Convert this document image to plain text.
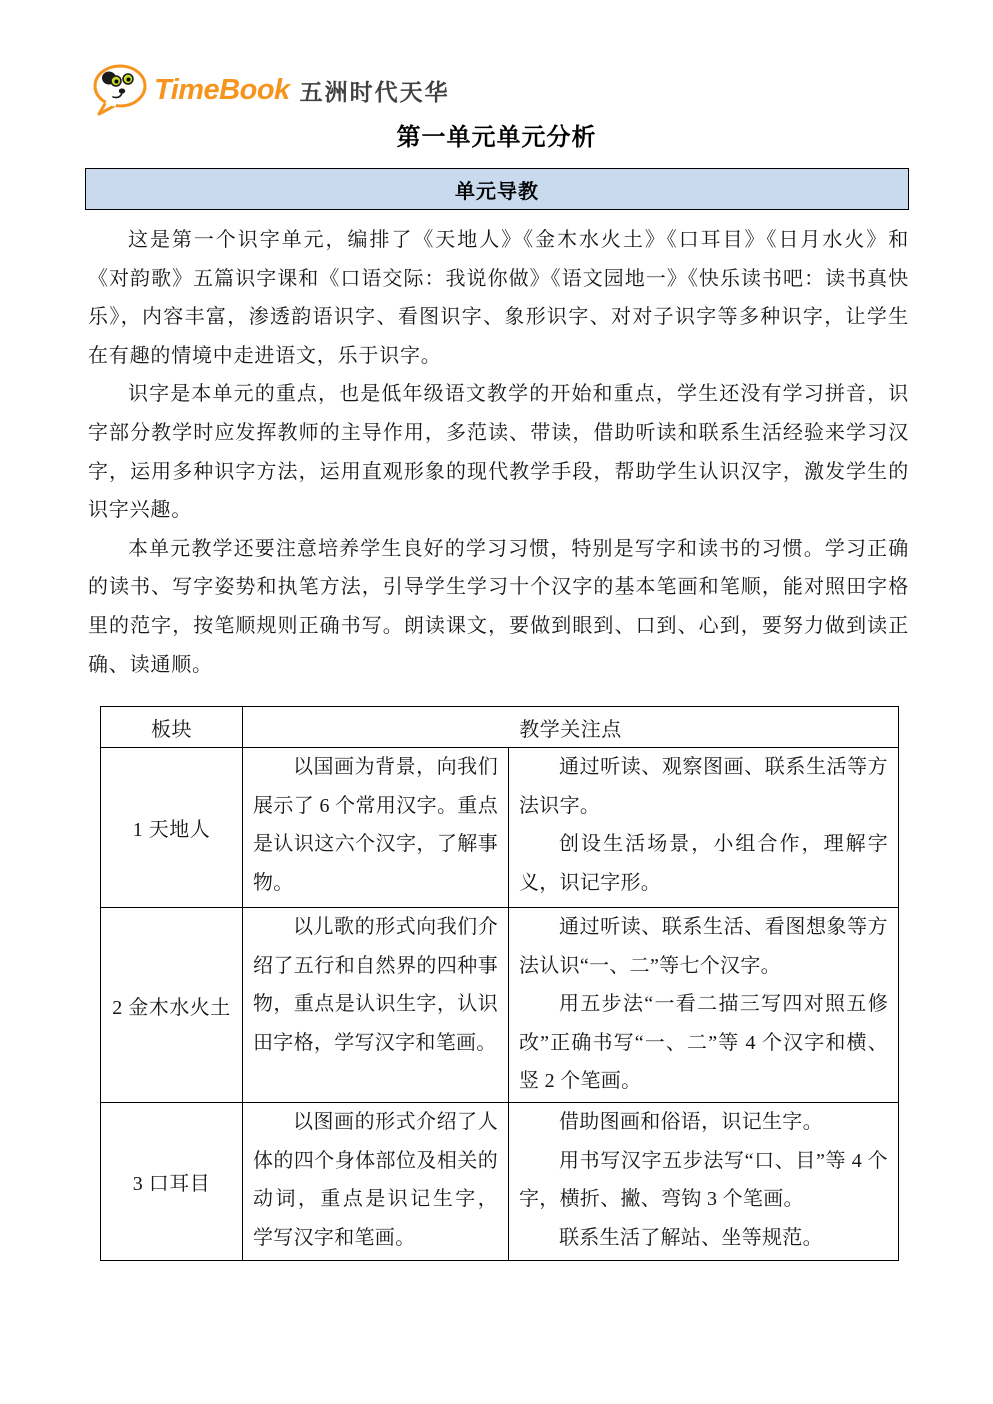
TimeBook 五洲时代天华
第一单元单元分析
单元导教

这是第一个识字单元，编排了《天地人》《金木水火土》《口耳目》《日月水火》和《对韵歌》五篇识字课和《口语交际：我说你做》《语文园地一》《快乐读书吧：读书真快乐》，内容丰富，渗透韵语识字、看图识字、象形识字、对对子识字等多种识字，让学生在有趣的情境中走进语文，乐于识字。

识字是本单元的重点，也是低年级语文教学的开始和重点，学生还没有学习拼音，识字部分教学时应发挥教师的主导作用，多范读、带读，借助听读和联系生活经验来学习汉字，运用多种识字方法，运用直观形象的现代教学手段，帮助学生认识汉字，激发学生的识字兴趣。

本单元教学还要注意培养学生良好的学习习惯，特别是写字和读书的习惯。学习正确的读书、写字姿势和执笔方法，引导学生学习十个汉字的基本笔画和笔顺，能对照田字格里的范字，按笔顺规则正确书写。朗读课文，要做到眼到、口到、心到，要努力做到读正确、读通顺。

板块	教学关注点	
1 天地人	以国画为背景，向我们展示了 6 个常用汉字。重点是认识这六个汉字，了解事物。	通过听读、观察图画、联系生活等方法识字。

创设生活场景，小组合作，理解字义，识记字形。

2 金木水火土	以儿歌的形式向我们介绍了五行和自然界的四种事物，重点是认识生字，认识田字格，学写汉字和笔画。	通过听读、联系生活、看图想象等方法认识“一、二”等七个汉字。

用五步法“一看二描三写四对照五修改”正确书写“一、二”等 4 个汉字和横、竖 2 个笔画。

3 口耳目	以图画的形式介绍了人体的四个身体部位及相关的动词，重点是识记生字， 学写汉字和笔画。	借助图画和俗语，识记生字。

用书写汉字五步法写“口、目”等 4 个字，横折、撇、弯钩 3 个笔画。

联系生活了解站、坐等规范。
